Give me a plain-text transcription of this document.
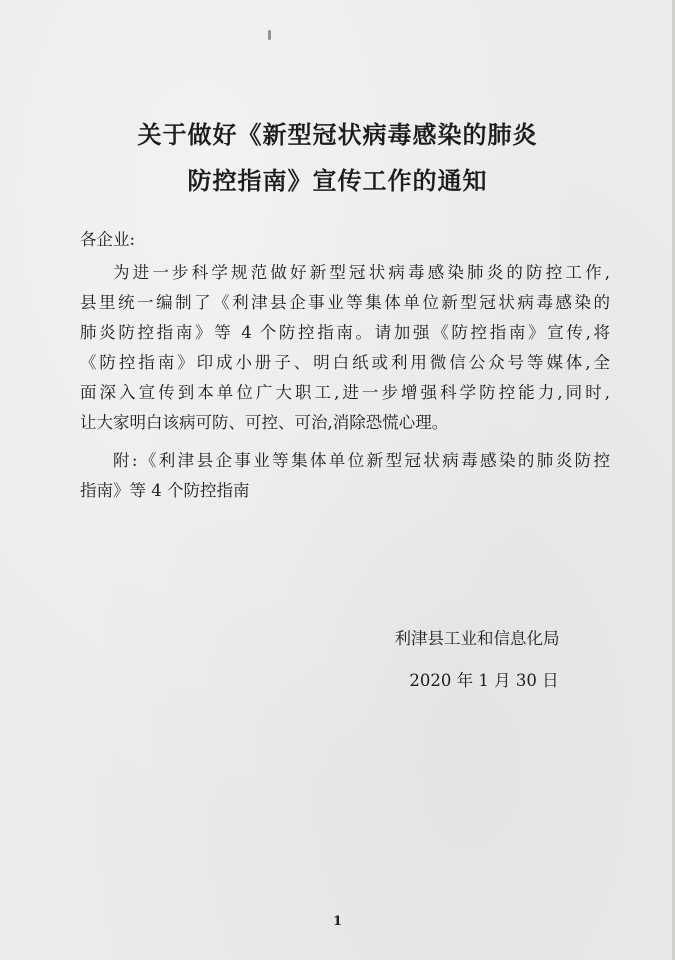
关于做好《新型冠状病毒感染的肺炎
防控指南》宣传工作的通知
各企业:
为进一步科学规范做好新型冠状病毒感染肺炎的防控工作,
县里统一编制了《利津县企事业等集体单位新型冠状病毒感染的
肺炎防控指南》等 4 个防控指南。请加强《防控指南》宣传,将
《防控指南》印成小册子、明白纸或利用微信公众号等媒体,全
面深入宣传到本单位广大职工,进一步增强科学防控能力,同时,
让大家明白该病可防、可控、可治,消除恐慌心理。
附:《利津县企事业等集体单位新型冠状病毒感染的肺炎防控
指南》等 4 个防控指南
利津县工业和信息化局
2020 年 1 月 30 日
1
